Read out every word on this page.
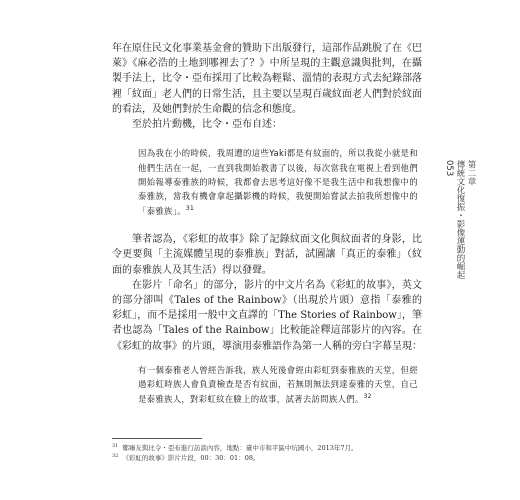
年在原住民文化事業基金會的贊助下出版發行，這部作品跳脫了在《巴萊》《麻必浩的土地到哪裡去了？》中所呈現的主觀意識與批判，在攝製手法上，比令・亞布採用了比較為輕鬆、溫情的表現方式去紀錄部落裡「紋面」老人們的日常生活，且主要以呈現百歲紋面老人們對於紋面的看法，及她們對於生命觀的信念和態度。

至於拍片動機，比令・亞布自述：

因為我在小的時候，我周遭的這些Yaki都是有紋面的，所以我從小就是和他們生活在一起，一直到我開始教書了以後，每次當我在電視上看到他們開始報導泰雅族的時候，我都會去思考這好像不是我生活中和我想像中的泰雅族，當我有機會拿起攝影機的時候，我便開始嘗試去拍我所想像中的「泰雅族」。$^{31}$

筆者認為，《彩虹的故事》除了記錄紋面文化與紋面者的身影，比令更要與「主流媒體呈現的泰雅族」對話，試圖讓「真正的泰雅」（紋面的泰雅族人及其生活）得以發聲。

在影片「命名」的部分，影片的中文片名為《彩虹的故事》，英文的部分卻叫《Tales of the Rainbow》（出現於片頭）意指「泰雅的彩虹」，而不是採用一般中文直譯的「The Stories of Rainbow」，筆者也認為「Tales of the Rainbow」比較能詮釋這部影片的內容。在《彩虹的故事》的片頭，導演用泰雅語作為第一人稱的旁白字幕呈現：

有一個泰雅老人曾經告訴我，族人死後會經由彩虹到泰雅族的天堂，但經過彩虹時族人會負責檢查是否有紋面，若無則無法到達泰雅的天堂，自己是泰雅族人，對彩虹紋在臉上的故事，試著去訪問族人們。$^{32}$

$^{31}$ 鄭臻友與比令・亞布進行訪談內容，地點：臺中市和平區中坑國小，2013年7月。

$^{32}$ 《彩虹的故事》影片片段，00：30：01：08。

第二章
傳統文化復振・影像運動的崛起
053
